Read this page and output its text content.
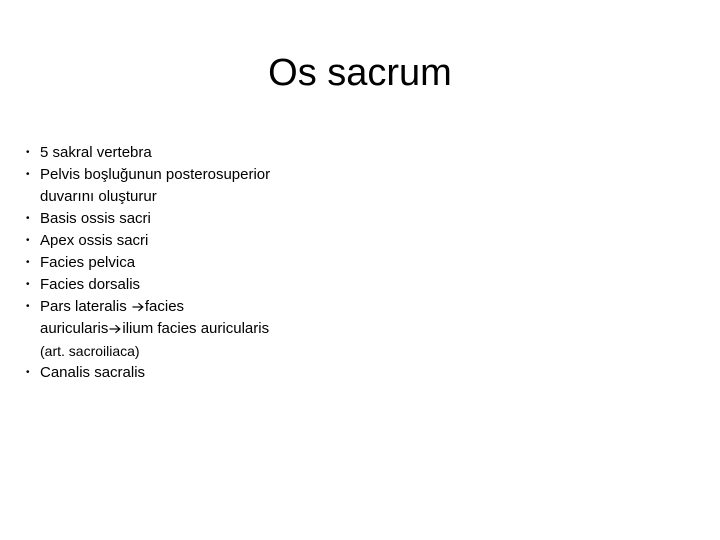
Os sacrum
• 5 sakral vertebra
• Pelvis boşluğunun posterosuperior
duvarını oluşturur
• Basis ossis sacri
• Apex ossis sacri
• Facies pelvica
• Facies dorsalis
• Pars lateralis facies
auricularis ilium facies auricularis
(art. sacroiliaca)
• Canalis sacralis
